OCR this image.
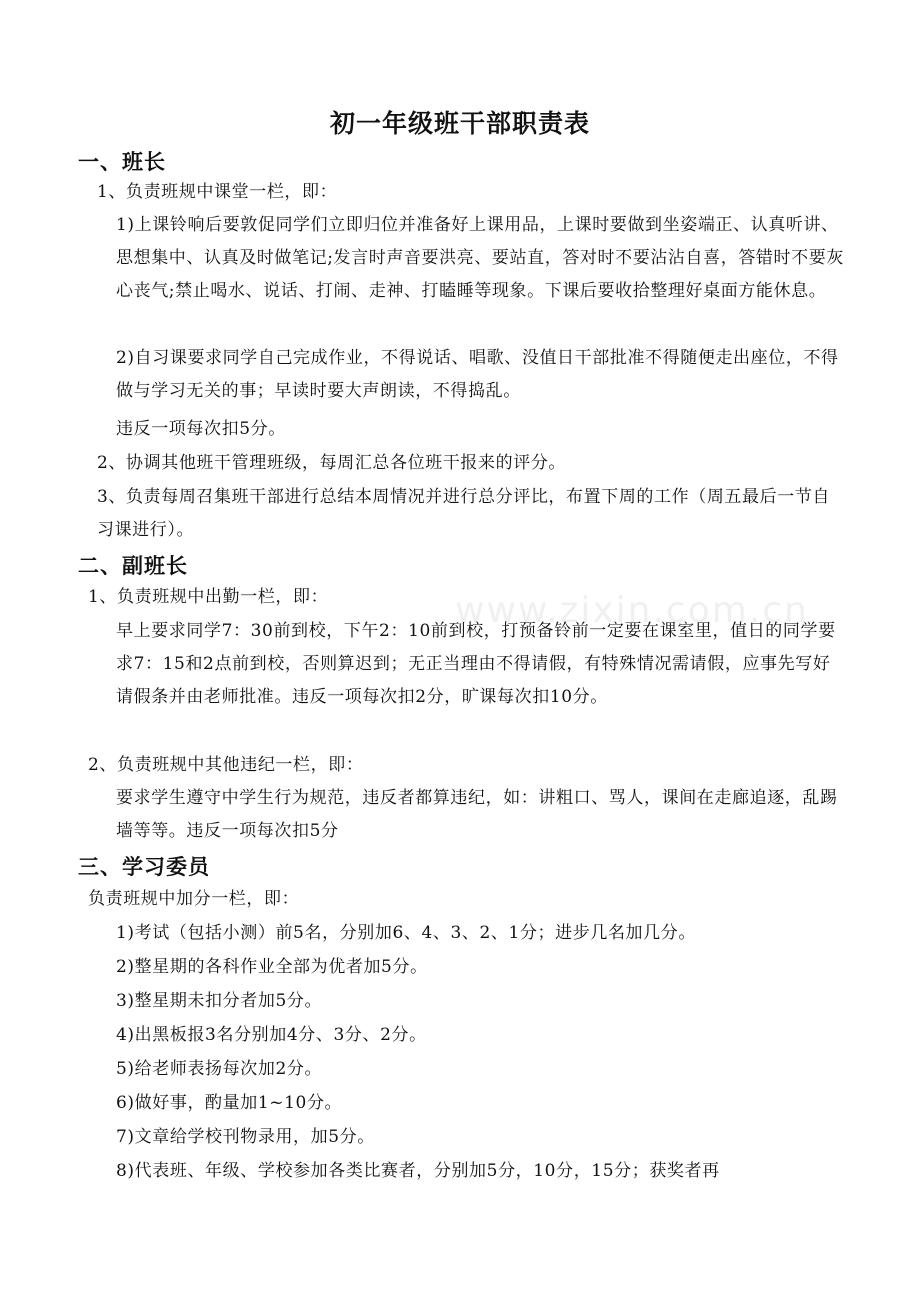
www.zixin.com.cn
初一年级班干部职责表
一、班长
1、负责班规中课堂一栏，即：
1)上课铃响后要敦促同学们立即归位并准备好上课用品，上课时要做到坐姿端正、认真听讲、思想集中、认真及时做笔记;发言时声音要洪亮、要站直，答对时不要沾沾自喜，答错时不要灰心丧气;禁止喝水、说话、打闹、走神、打瞌睡等现象。下课后要收拾整理好桌面方能休息。
2)自习课要求同学自己完成作业，不得说话、唱歌、没值日干部批准不得随便走出座位，不得做与学习无关的事；早读时要大声朗读，不得捣乱。
违反一项每次扣5分。
2、协调其他班干管理班级，每周汇总各位班干报来的评分。
3、负责每周召集班干部进行总结本周情况并进行总分评比，布置下周的工作（周五最后一节自习课进行）。
二、副班长
1、负责班规中出勤一栏，即：
早上要求同学7：30前到校，下午2：10前到校，打预备铃前一定要在课室里，值日的同学要求7：15和2点前到校，否则算迟到；无正当理由不得请假，有特殊情况需请假，应事先写好请假条并由老师批准。违反一项每次扣2分，旷课每次扣10分。
2、负责班规中其他违纪一栏，即：
要求学生遵守中学生行为规范，违反者都算违纪，如：讲粗口、骂人，课间在走廊追逐，乱踢墙等等。违反一项每次扣5分
三、学习委员
负责班规中加分一栏，即：
1)考试（包括小测）前5名，分别加6、4、3、2、1分；进步几名加几分。
2)整星期的各科作业全部为优者加5分。
3)整星期未扣分者加5分。
4)出黑板报3名分别加4分、3分、2分。
5)给老师表扬每次加2分。
6)做好事，酌量加1~10分。
7)文章给学校刊物录用，加5分。
8)代表班、年级、学校参加各类比赛者，分别加5分，10分，15分；获奖者再
